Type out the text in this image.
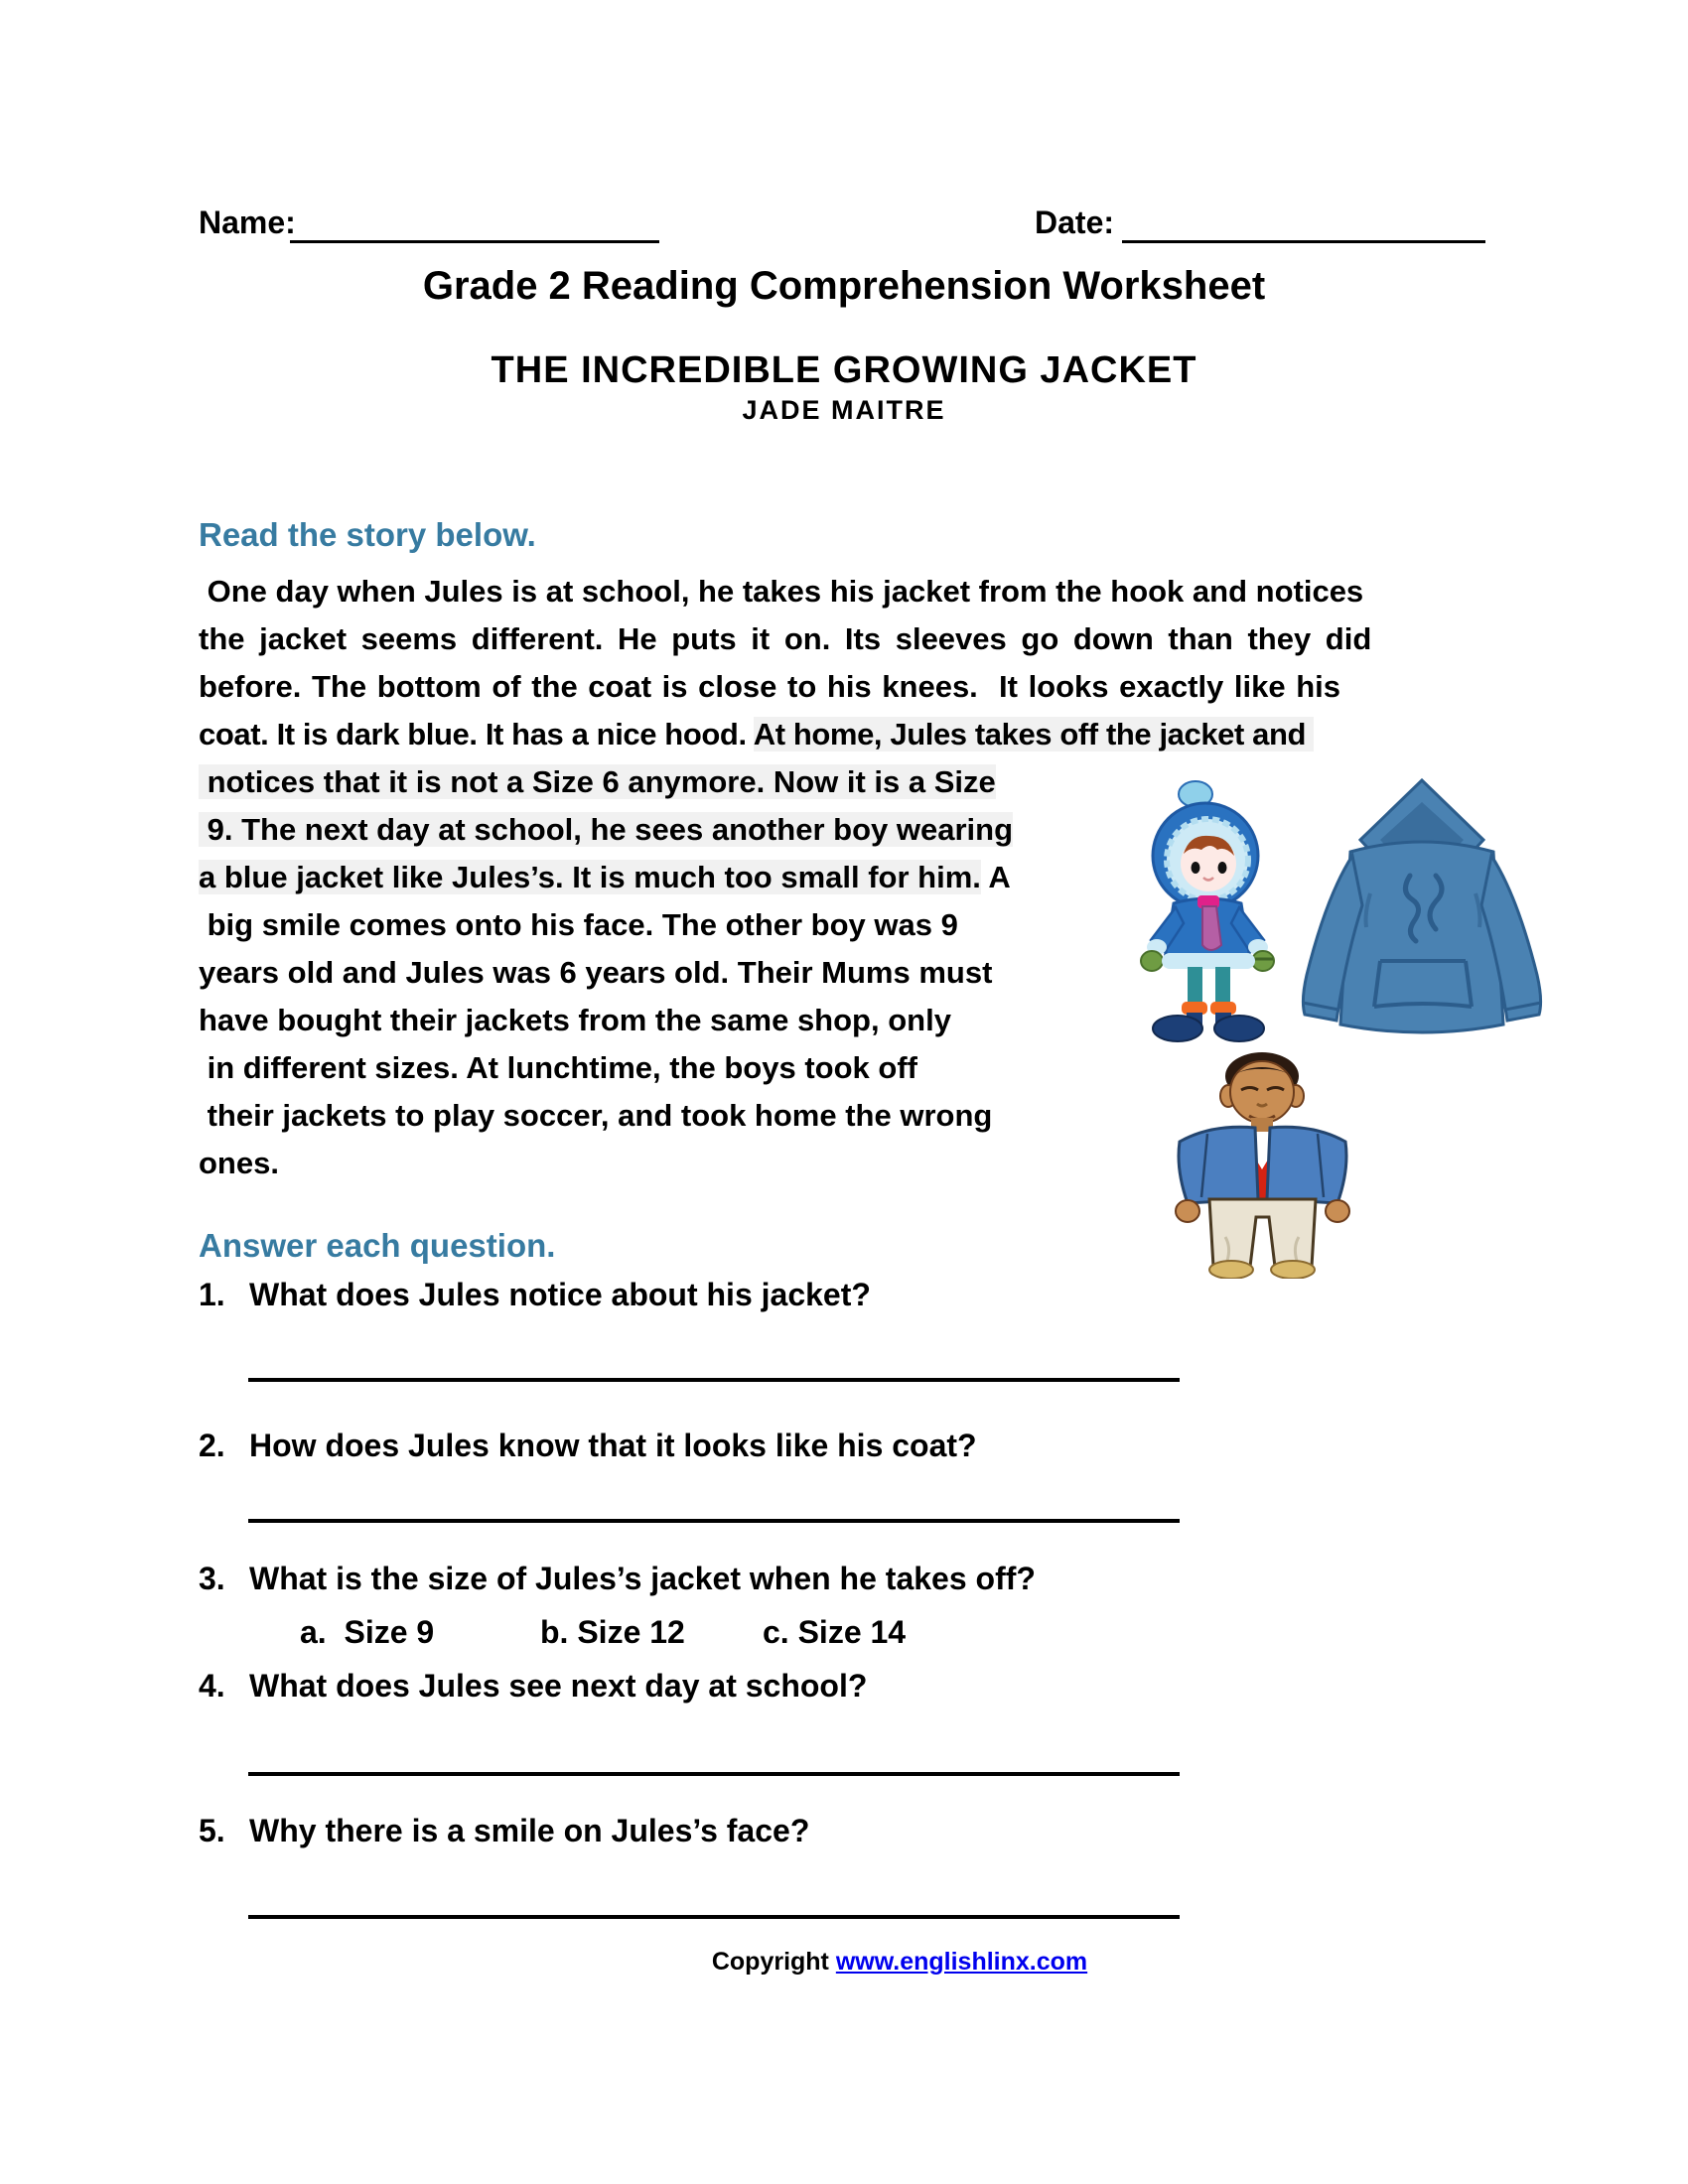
Name:	Date:
Grade 2 Reading Comprehension Worksheet
THE INCREDIBLE GROWING JACKET
JADE MAITRE
Read the story below.
One day when Jules is at school, he takes his jacket from the hook and notices
the jacket seems different. He puts it on. Its sleeves go down than they did
before. The bottom of the coat is close to his knees.  It looks exactly like his
coat. It is dark blue. It has a nice hood. At home, Jules takes off the jacket and
notices that it is not a Size 6 anymore. Now it is a Size
9. The next day at school, he sees another boy wearing
a blue jacket like Jules’s. It is much too small for him. A
big smile comes onto his face. The other boy was 9
years old and Jules was 6 years old. Their Mums must
have bought their jackets from the same shop, only
in different sizes. At lunchtime, the boys took off
their jackets to play soccer, and took home the wrong
ones.
Answer each question.
1. What does Jules notice about his jacket?
2. How does Jules know that it looks like his coat?
3. What is the size of Jules’s jacket when he takes off?
a.  Size 9	b. Size 12 c. Size 14
4. What does Jules see next day at school?
5. Why there is a smile on Jules’s face?
Copyright www.englishlinx.com
